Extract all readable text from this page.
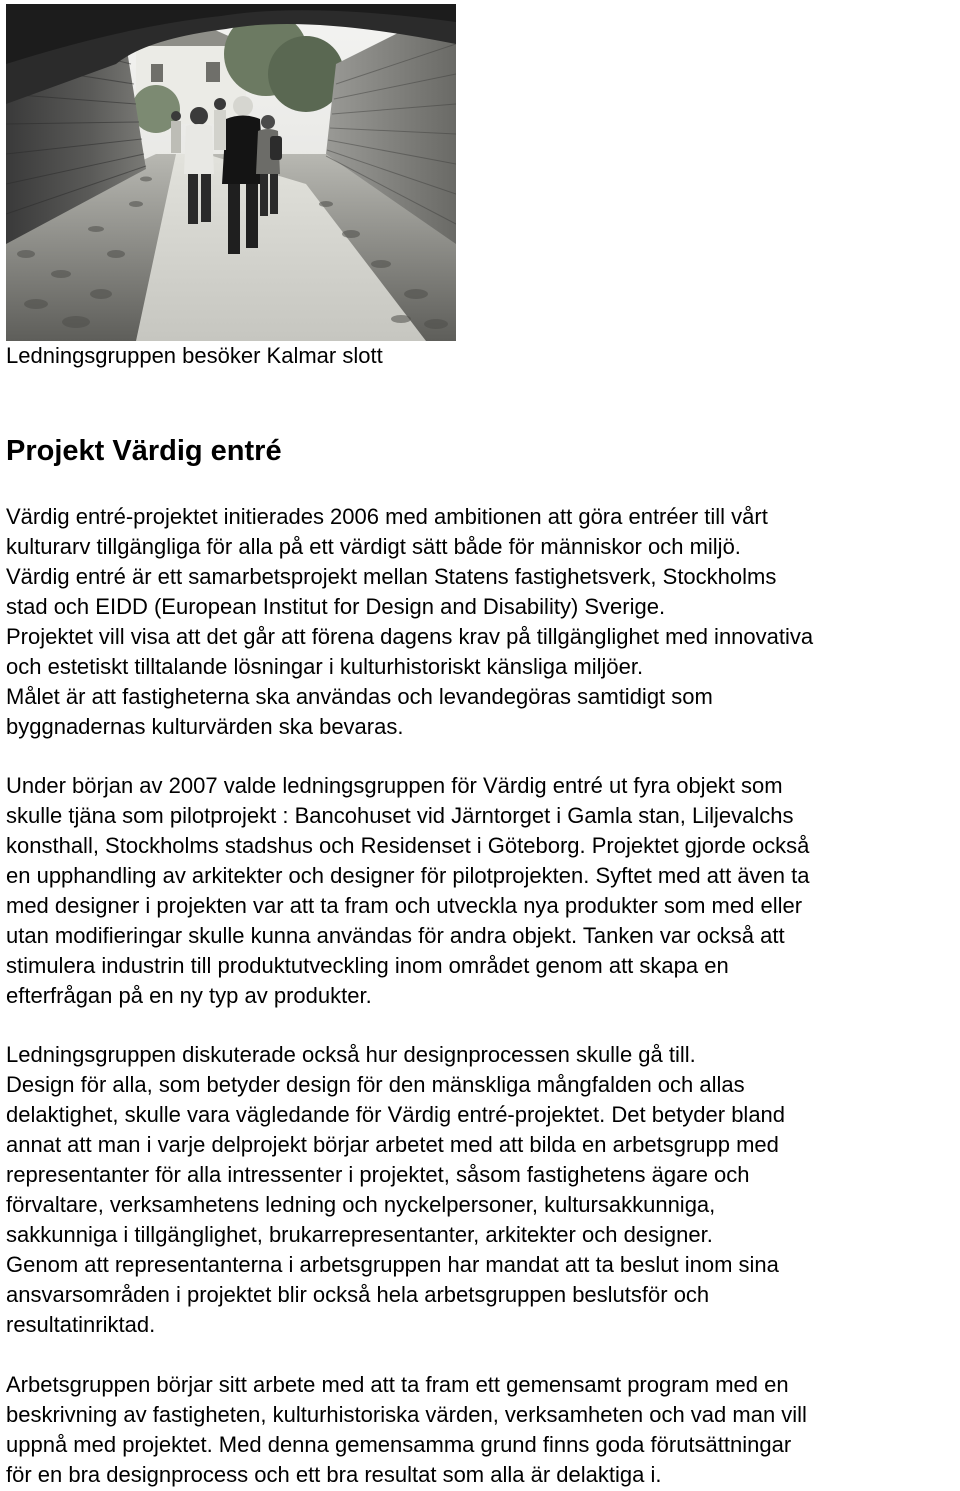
Ledningsgruppen besöker Kalmar slott

Projekt Värdig entré

Värdig entré-projektet initierades 2006 med ambitionen att göra entréer till vårt
kulturarv tillgängliga för alla på ett värdigt sätt både för människor och miljö.
Värdig entré är ett samarbetsprojekt mellan Statens fastighetsverk, Stockholms
stad och EIDD (European Institut for Design and Disability) Sverige.
Projektet vill visa att det går att förena dagens krav på tillgänglighet med innovativa
och estetiskt tilltalande lösningar i kulturhistoriskt känsliga miljöer.
Målet är att fastigheterna ska användas och levandegöras samtidigt som
byggnadernas kulturvärden ska bevaras.

Under början av 2007 valde ledningsgruppen för Värdig entré ut fyra objekt som
skulle tjäna som pilotprojekt : Bancohuset vid Järntorget i Gamla stan, Liljevalchs
konsthall, Stockholms stadshus och Residenset i Göteborg. Projektet gjorde också
en upphandling av arkitekter och designer för pilotprojekten. Syftet med att även ta
med designer i projekten var att ta fram och utveckla nya produkter som med eller
utan modifieringar skulle kunna användas för andra objekt. Tanken var också att
stimulera industrin till produktutveckling inom området genom att skapa en
efterfrågan på en ny typ av produkter.

Ledningsgruppen diskuterade också hur designprocessen skulle gå till.
Design för alla, som betyder design för den mänskliga mångfalden och allas
delaktighet, skulle vara vägledande för Värdig entré-projektet. Det betyder bland
annat att man i varje delprojekt börjar arbetet med att bilda en arbetsgrupp med
representanter för alla intressenter i projektet, såsom fastighetens ägare och
förvaltare, verksamhetens ledning och nyckelpersoner, kultursakkunniga,
sakkunniga i tillgänglighet, brukarrepresentanter, arkitekter och designer.
Genom att representanterna i arbetsgruppen har mandat att ta beslut inom sina
ansvarsområden i projektet blir också hela arbetsgruppen beslutsför och
resultatinriktad.

Arbetsgruppen börjar sitt arbete med att ta fram ett gemensamt program med en
beskrivning av fastigheten, kulturhistoriska värden, verksamheten och vad man vill
uppnå med projektet. Med denna gemensamma grund finns goda förutsättningar
för en bra designprocess och ett bra resultat som alla är delaktiga i.
